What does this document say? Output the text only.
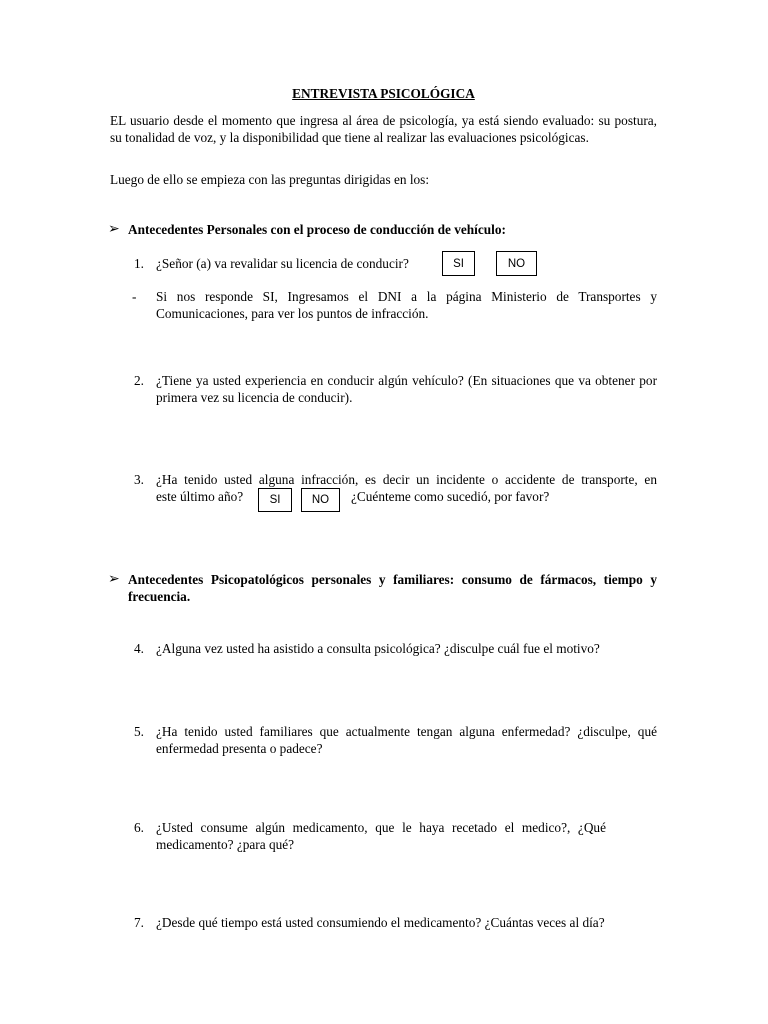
ENTREVISTA PSICOLÓGICA
EL usuario desde el momento que ingresa al área de psicología, ya está siendo evaluado: su postura, su tonalidad de voz, y la disponibilidad que tiene al realizar las evaluaciones psicológicas.
Luego de ello se empieza con las preguntas dirigidas en los:
➢ Antecedentes Personales con el proceso de conducción de vehículo:
1. ¿Señor (a) va revalidar su licencia de conducir?	SI	NO
- Si nos responde SI, Ingresamos el DNI a la página Ministerio de Transportes y Comunicaciones, para ver los puntos de infracción.
2. ¿Tiene ya usted experiencia en conducir algún vehículo? (En situaciones que va obtener por primera vez su licencia de conducir).
3. ¿Ha tenido usted alguna infracción, es decir un incidente o accidente de transporte, en
este último año?	SI	NO	¿Cuénteme como sucedió, por favor?
➢ Antecedentes Psicopatológicos personales y familiares: consumo de fármacos, tiempo y frecuencia.
4. ¿Alguna vez usted ha asistido a consulta psicológica? ¿disculpe cuál fue el motivo?
5. ¿Ha tenido usted familiares que actualmente tengan alguna enfermedad? ¿disculpe, qué enfermedad presenta o padece?
6. ¿Usted consume algún medicamento, que le haya recetado el medico?, ¿Qué medicamento? ¿para qué?
7. ¿Desde qué tiempo está usted consumiendo el medicamento? ¿Cuántas veces al día?
